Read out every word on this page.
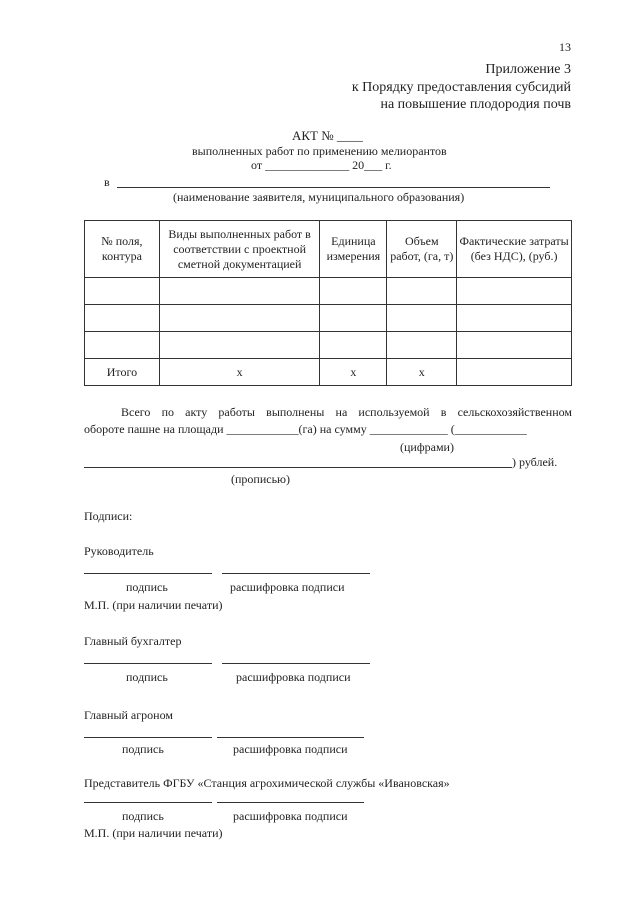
13
Приложение 3
к Порядку предоставления субсидий
на повышение плодородия почв
АКТ № ____
выполненных работ по применению мелиорантов
от ______________ 20___ г.
в
(наименование заявителя, муниципального образования)
№ поля, контура	Виды выполненных работ в соответствии с проектной сметной документацией	Единица измерения	Объем работ, (га, т)	Фактические затраты (без НДС), (руб.)

Итого	х	х	х	
Всего по акту работы выполнены на используемой в сельскохозяйственном
обороте пашне на площади ____________(га) на сумму _____________ (____________
(цифрами)
) рублей.
(прописью)
Подписи:
Руководитель
подпись	расшифровка подписи
М.П. (при наличии печати)
Главный бухгалтер
подпись	расшифровка подписи
Главный агроном
подпись	расшифровка подписи
Представитель ФГБУ «Станция агрохимической службы «Ивановская»
подпись	расшифровка подписи
М.П. (при наличии печати)
